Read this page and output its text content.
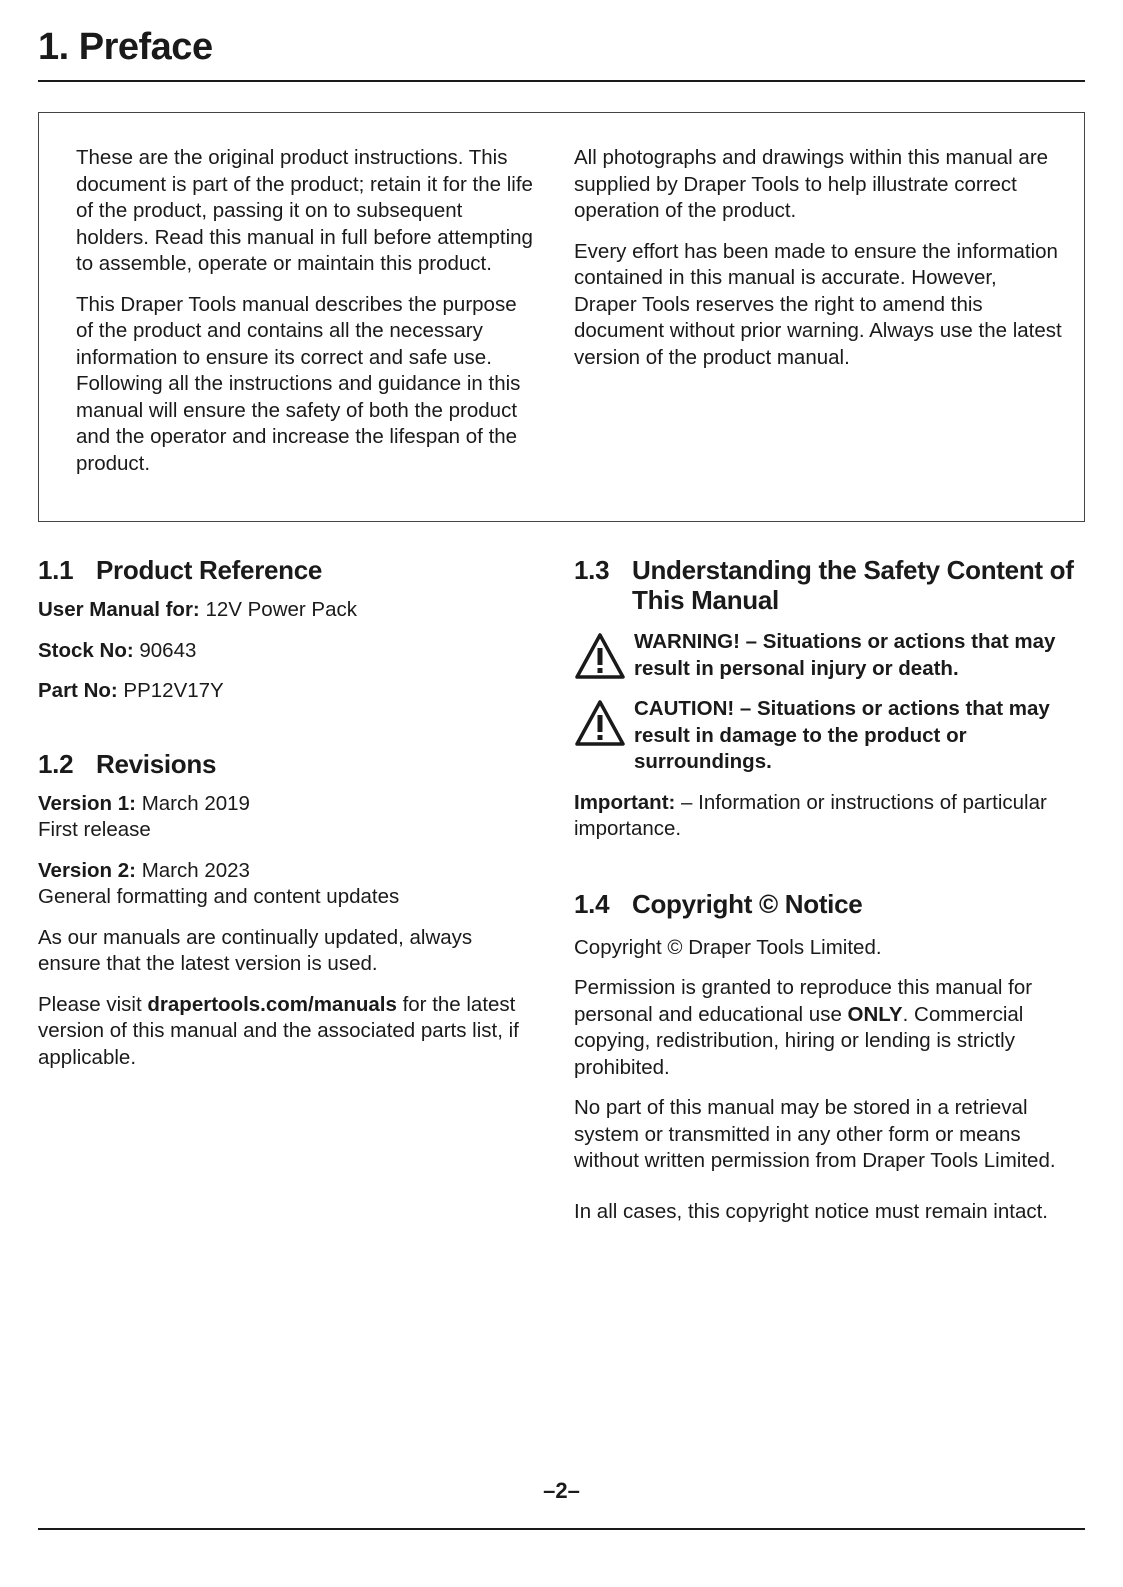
1. Preface

These are the original product instructions. This document is part of the product; retain it for the life of the product, passing it on to subsequent holders. Read this manual in full before attempting to assemble, operate or maintain this product.

This Draper Tools manual describes the purpose of the product and contains all the necessary information to ensure its correct and safe use. Following all the instructions and guidance in this manual will ensure the safety of both the product and the operator and increase the lifespan of the product.

All photographs and drawings within this manual are supplied by Draper Tools to help illustrate correct operation of the product.

Every effort has been made to ensure the information contained in this manual is accurate. However, Draper Tools reserves the right to amend this document without prior warning. Always use the latest version of the product manual.

1.1 Product Reference

User Manual for: 12V Power Pack

Stock No: 90643

Part No: PP12V17Y

1.2 Revisions

Version 1: March 2019
First release

Version 2: March 2023
General formatting and content updates

As our manuals are continually updated, always ensure that the latest version is used.

Please visit drapertools.com/manuals for the latest version of this manual and the associated parts list, if applicable.

1.3 Understanding the Safety Content of This Manual
WARNING! – Situations or actions that may result in personal injury or death.
CAUTION! – Situations or actions that may result in damage to the product or surroundings.

Important: – Information or instructions of particular importance.

1.4 Copyright © Notice

Copyright © Draper Tools Limited.

Permission is granted to reproduce this manual for personal and educational use ONLY. Commercial copying, redistribution, hiring or lending is strictly prohibited.

No part of this manual may be stored in a retrieval system or transmitted in any other form or means without written permission from Draper Tools Limited.

In all cases, this copyright notice must remain intact.

–2–
